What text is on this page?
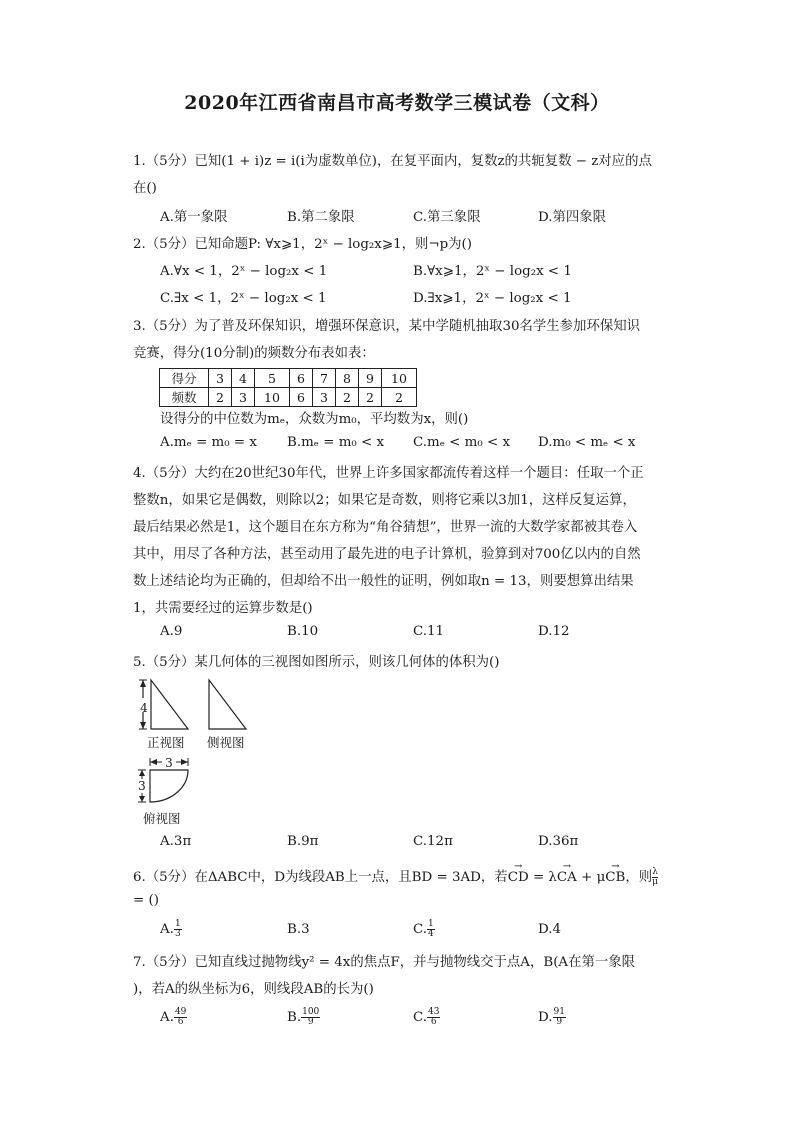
2020年江西省南昌市高考数学三模试卷（文科）
1.（5分）已知(1 + i)z = i(i为虚数单位)，在复平面内，复数z的共轭复数 − z对应的点
在()
A.第一象限	B.第二象限	C.第三象限	D.第四象限
2.（5分）已知命题P: ∀x⩾1，2ˣ − log₂x⩾1，则¬p为()
A.∀x < 1，2ˣ − log₂x < 1	B.∀x⩾1，2ˣ − log₂x < 1
C.∃x < 1，2ˣ − log₂x < 1	D.∃x⩾1，2ˣ − log₂x < 1
3.（5分）为了普及环保知识，增强环保意识，某中学随机抽取30名学生参加环保知识
竞赛，得分(10分制)的频数分布表如表：
得分	3	4	5	6	7	8	9	10
频数	2	3	10	6	3	2	2	2
设得分的中位数为mₑ，众数为m₀，平均数为x，则()
A.mₑ = m₀ = x B.mₑ = m₀ < x C.mₑ < m₀ < x D.m₀ < mₑ < x
4.（5分）大约在20世纪30年代，世界上许多国家都流传着这样一个题目：任取一个正
整数n，如果它是偶数，则除以2；如果它是奇数，则将它乘以3加1，这样反复运算，
最后结果必然是1，这个题目在东方称为“角谷猜想”，世界一流的大数学家都被其卷入
其中，用尽了各种方法，甚至动用了最先进的电子计算机，验算到对700亿以内的自然
数上述结论均为正确的，但却给不出一般性的证明，例如取n = 13，则要想算出结果
1，共需要经过的运算步数是()
A.9	B.10	C.11	D.12
5.（5分）某几何体的三视图如图所示，则该几何体的体积为()
4
正视图 侧视图
3
3
俯视图
A.3π	B.9π	C.12π	D.36π
6.（5分）在ΔABC中，D为线段AB上一点，且BD = 3AD，若
→
CD = λ
→
CA + μ
→
CB，则 $\frac{\lambda}{\mu}$
= ()
A. $\frac{1}{3}$	B.3	C. $\frac{1}{4}$	D.4
7.（5分）已知直线过抛物线y² = 4x的焦点F，并与抛物线交于点A，B(A在第一象限
)，若A的纵坐标为6，则线段AB的长为()
A. $\frac{49}{6}$	B. $\frac{100}{9}$	C. $\frac{43}{6}$	D. $\frac{91}{9}$
